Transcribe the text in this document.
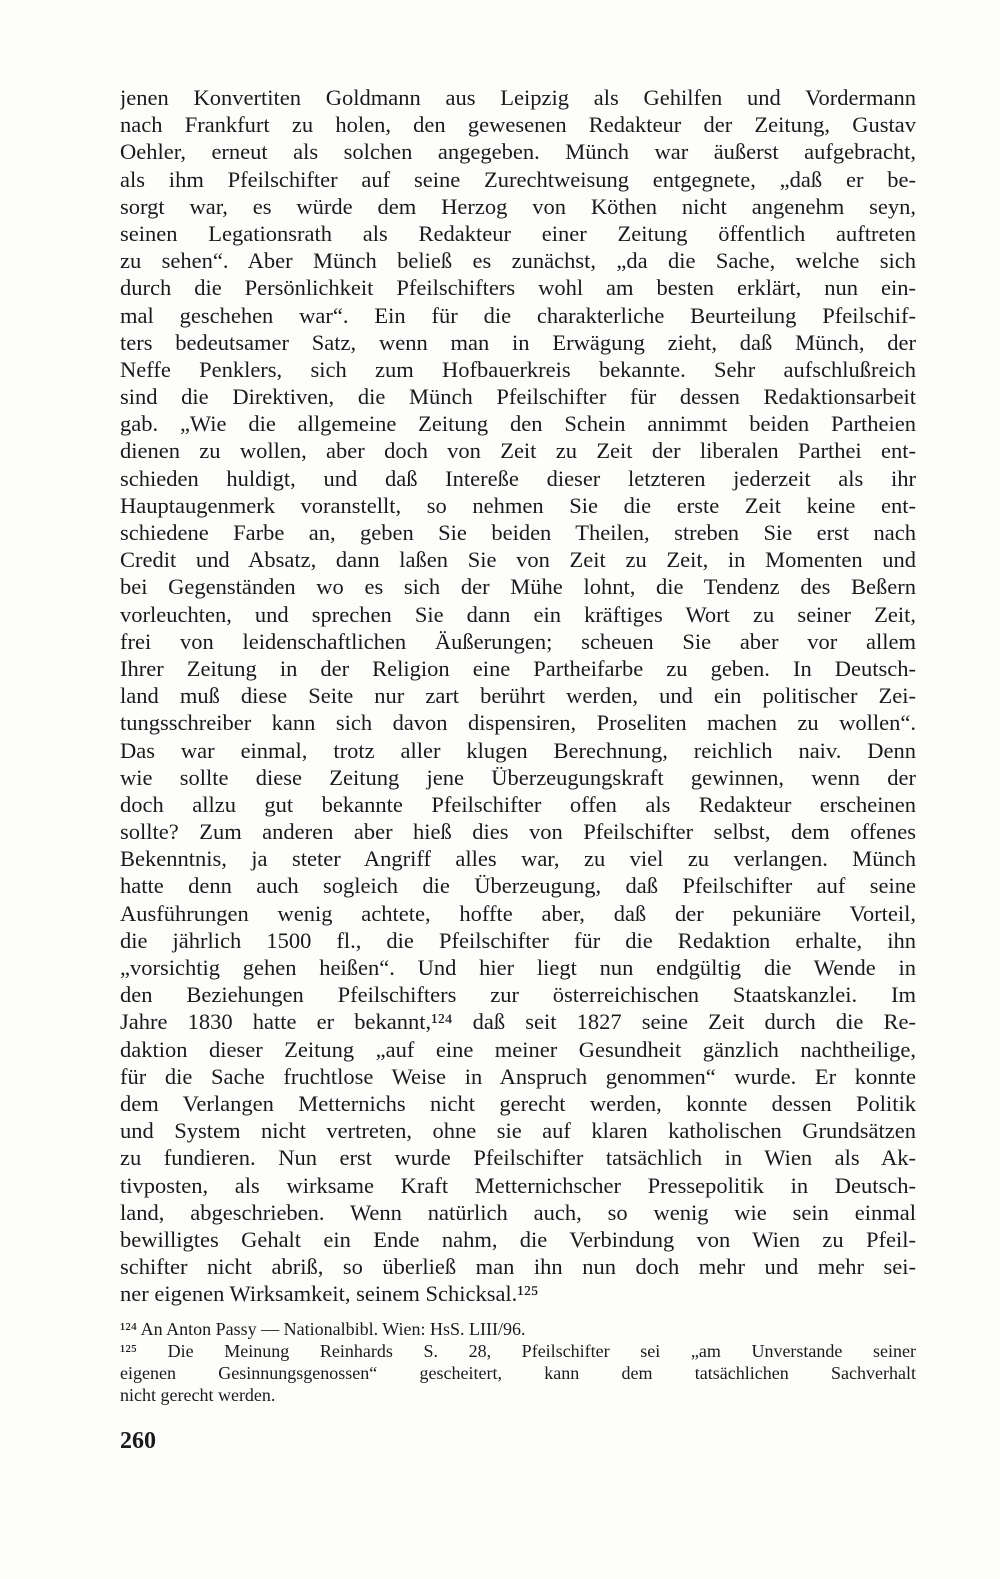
jenen Konvertiten Goldmann aus Leipzig als Gehilfen und Vordermann
nach Frankfurt zu holen, den gewesenen Redakteur der Zeitung, Gustav
Oehler, erneut als solchen angegeben. Münch war äußerst aufgebracht,
als ihm Pfeilschifter auf seine Zurechtweisung entgegnete, „daß er be-
sorgt war, es würde dem Herzog von Köthen nicht angenehm seyn,
seinen Legationsrath als Redakteur einer Zeitung öffentlich auftreten
zu sehen“. Aber Münch beließ es zunächst, „da die Sache, welche sich
durch die Persönlichkeit Pfeilschifters wohl am besten erklärt, nun ein-
mal geschehen war“. Ein für die charakterliche Beurteilung Pfeilschif-
ters bedeutsamer Satz, wenn man in Erwägung zieht, daß Münch, der
Neffe Penklers, sich zum Hofbauerkreis bekannte. Sehr aufschlußreich
sind die Direktiven, die Münch Pfeilschifter für dessen Redaktionsarbeit
gab. „Wie die allgemeine Zeitung den Schein annimmt beiden Partheien
dienen zu wollen, aber doch von Zeit zu Zeit der liberalen Parthei ent-
schieden huldigt, und daß Intereße dieser letzteren jederzeit als ihr
Hauptaugenmerk voranstellt, so nehmen Sie die erste Zeit keine ent-
schiedene Farbe an, geben Sie beiden Theilen, streben Sie erst nach
Credit und Absatz, dann laßen Sie von Zeit zu Zeit, in Momenten und
bei Gegenständen wo es sich der Mühe lohnt, die Tendenz des Beßern
vorleuchten, und sprechen Sie dann ein kräftiges Wort zu seiner Zeit,
frei von leidenschaftlichen Äußerungen; scheuen Sie aber vor allem
Ihrer Zeitung in der Religion eine Partheifarbe zu geben. In Deutsch-
land muß diese Seite nur zart berührt werden, und ein politischer Zei-
tungsschreiber kann sich davon dispensiren, Proseliten machen zu wollen“.
Das war einmal, trotz aller klugen Berechnung, reichlich naiv. Denn
wie sollte diese Zeitung jene Überzeugungskraft gewinnen, wenn der
doch allzu gut bekannte Pfeilschifter offen als Redakteur erscheinen
sollte? Zum anderen aber hieß dies von Pfeilschifter selbst, dem offenes
Bekenntnis, ja steter Angriff alles war, zu viel zu verlangen. Münch
hatte denn auch sogleich die Überzeugung, daß Pfeilschifter auf seine
Ausführungen wenig achtete, hoffte aber, daß der pekuniäre Vorteil,
die jährlich 1500 fl., die Pfeilschifter für die Redaktion erhalte, ihn
„vorsichtig gehen heißen“. Und hier liegt nun endgültig die Wende in
den Beziehungen Pfeilschifters zur österreichischen Staatskanzlei. Im
Jahre 1830 hatte er bekannt,¹²⁴ daß seit 1827 seine Zeit durch die Re-
daktion dieser Zeitung „auf eine meiner Gesundheit gänzlich nachtheilige,
für die Sache fruchtlose Weise in Anspruch genommen“ wurde. Er konnte
dem Verlangen Metternichs nicht gerecht werden, konnte dessen Politik
und System nicht vertreten, ohne sie auf klaren katholischen Grundsätzen
zu fundieren. Nun erst wurde Pfeilschifter tatsächlich in Wien als Ak-
tivposten, als wirksame Kraft Metternichscher Pressepolitik in Deutsch-
land, abgeschrieben. Wenn natürlich auch, so wenig wie sein einmal
bewilligtes Gehalt ein Ende nahm, die Verbindung von Wien zu Pfeil-
schifter nicht abriß, so überließ man ihn nun doch mehr und mehr sei-
ner eigenen Wirksamkeit, seinem Schicksal.¹²⁵
¹²⁴ An Anton Passy — Nationalbibl. Wien: HsS. LIII/96.
¹²⁵ Die Meinung Reinhards S. 28, Pfeilschifter sei „am Unverstande seiner
eigenen Gesinnungsgenossen“ gescheitert, kann dem tatsächlichen Sachverhalt
nicht gerecht werden.
260
